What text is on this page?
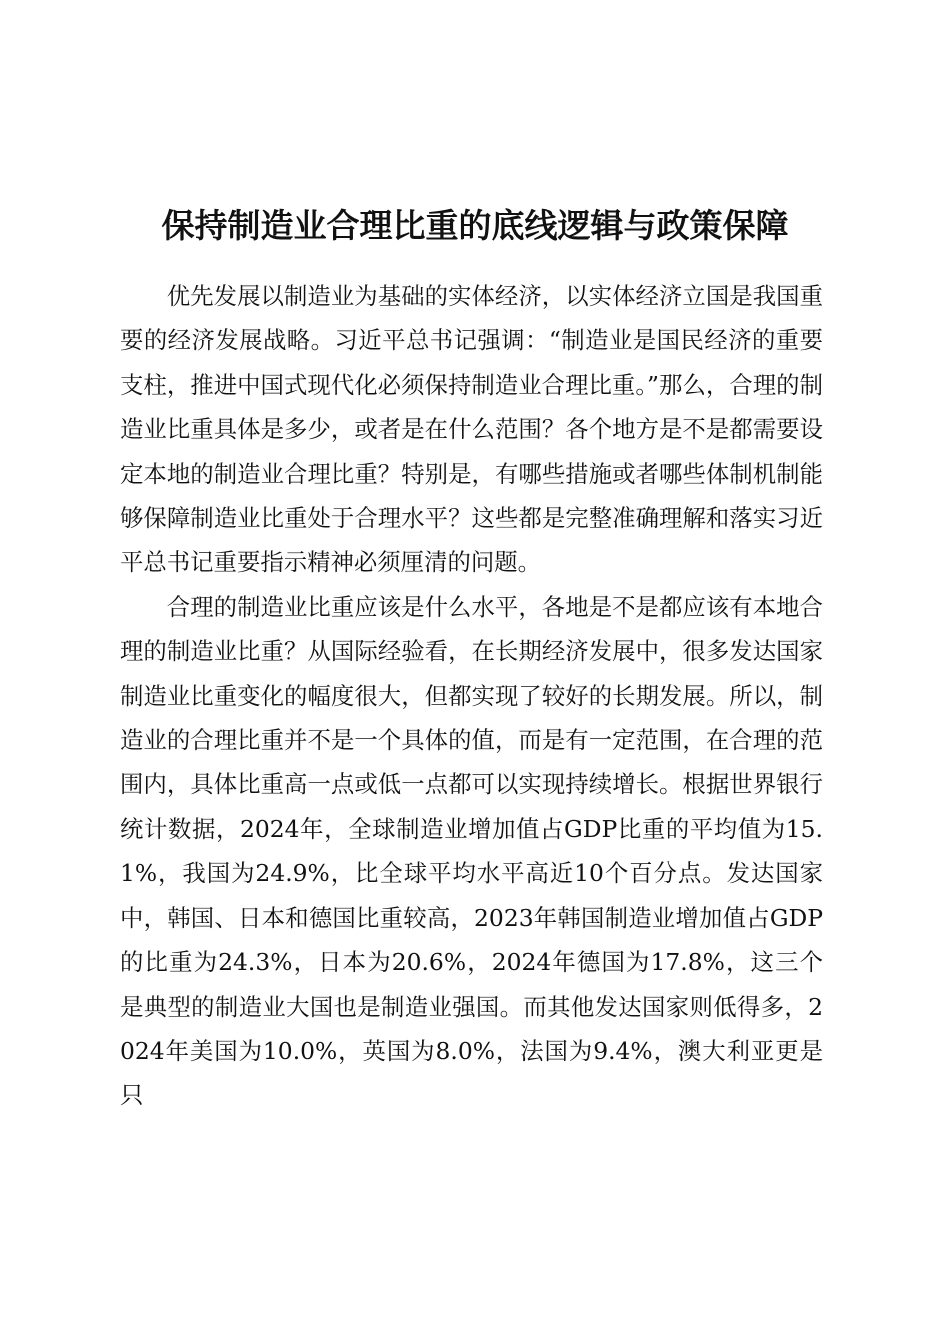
保持制造业合理比重的底线逻辑与政策保障

优先发展以制造业为基础的实体经济，以实体经济立国是我国重要的经济发展战略。习近平总书记强调：“制造业是国民经济的重要支柱，推进中国式现代化必须保持制造业合理比重。”那么，合理的制造业比重具体是多少，或者是在什么范围？各个地方是不是都需要设定本地的制造业合理比重？特别是，有哪些措施或者哪些体制机制能够保障制造业比重处于合理水平？这些都是完整准确理解和落实习近平总书记重要指示精神必须厘清的问题。

合理的制造业比重应该是什么水平，各地是不是都应该有本地合理的制造业比重？从国际经验看，在长期经济发展中，很多发达国家制造业比重变化的幅度很大，但都实现了较好的长期发展。所以，制造业的合理比重并不是一个具体的值，而是有一定范围，在合理的范围内，具体比重高一点或低一点都可以实现持续增长。根据世界银行统计数据，2024年，全球制造业增加值占GDP比重的平均值为15.1%，我国为24.9%，比全球平均水平高近10个百分点。发达国家中，韩国、日本和德国比重较高，2023年韩国制造业增加值占GDP的比重为24.3%，日本为20.6%，2024年德国为17.8%，这三个是典型的制造业大国也是制造业强国。而其他发达国家则低得多，2024年美国为10.0%，英国为8.0%，法国为9.4%，澳大利亚更是只
